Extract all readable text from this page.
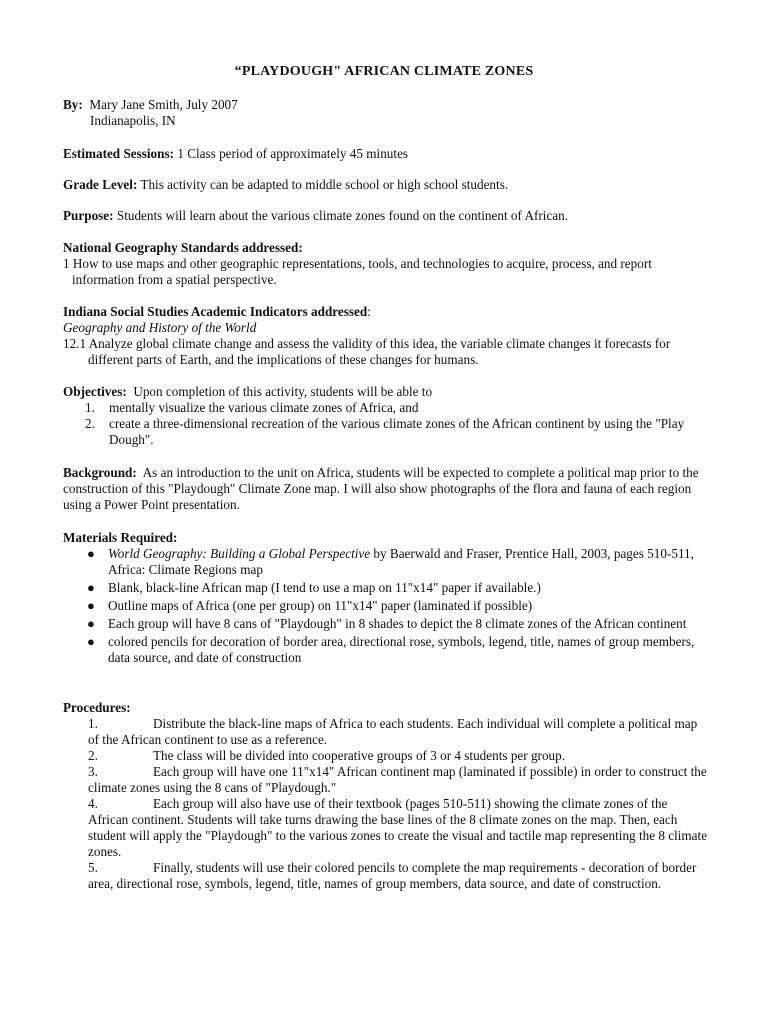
“PLAYDOUGH" AFRICAN CLIMATE ZONES
By: Mary Jane Smith, July 2007
Indianapolis, IN
Estimated Sessions: 1 Class period of approximately 45 minutes
Grade Level: This activity can be adapted to middle school or high school students.
Purpose: Students will learn about the various climate zones found on the continent of African.
National Geography Standards addressed:
1 How to use maps and other geographic representations, tools, and technologies to acquire, process, and report information from a spatial perspective.
Indiana Social Studies Academic Indicators addressed:
Geography and History of the World
12.1 Analyze global climate change and assess the validity of this idea, the variable climate changes it forecasts for different parts of Earth, and the implications of these changes for humans.
Objectives: Upon completion of this activity, students will be able to
1. mentally visualize the various climate zones of Africa, and
2. create a three-dimensional recreation of the various climate zones of the African continent by using the "Play Dough".
Background: As an introduction to the unit on Africa, students will be expected to complete a political map prior to the construction of this "Playdough" Climate Zone map. I will also show photographs of the flora and fauna of each region using a Power Point presentation.
Materials Required:
● World Geography: Building a Global Perspective by Baerwald and Fraser, Prentice Hall, 2003, pages 510-511, Africa: Climate Regions map
● Blank, black-line African map (I tend to use a map on 11"x14" paper if available.)
● Outline maps of Africa (one per group) on 11"x14" paper (laminated if possible)
● Each group will have 8 cans of "Playdough" in 8 shades to depict the 8 climate zones of the African continent
● colored pencils for decoration of border area, directional rose, symbols, legend, title, names of group members, data source, and date of construction
Procedures:
1.	Distribute the black-line maps of Africa to each students. Each individual will complete a political map of the African continent to use as a reference.
2.	The class will be divided into cooperative groups of 3 or 4 students per group.
3.	Each group will have one 11"x14" African continent map (laminated if possible) in order to construct the climate zones using the 8 cans of "Playdough."
4.	Each group will also have use of their textbook (pages 510-511) showing the climate zones of the African continent. Students will take turns drawing the base lines of the 8 climate zones on the map. Then, each student will apply the "Playdough" to the various zones to create the visual and tactile map representing the 8 climate zones.
5.	Finally, students will use their colored pencils to complete the map requirements - decoration of border area, directional rose, symbols, legend, title, names of group members, data source, and date of construction.
